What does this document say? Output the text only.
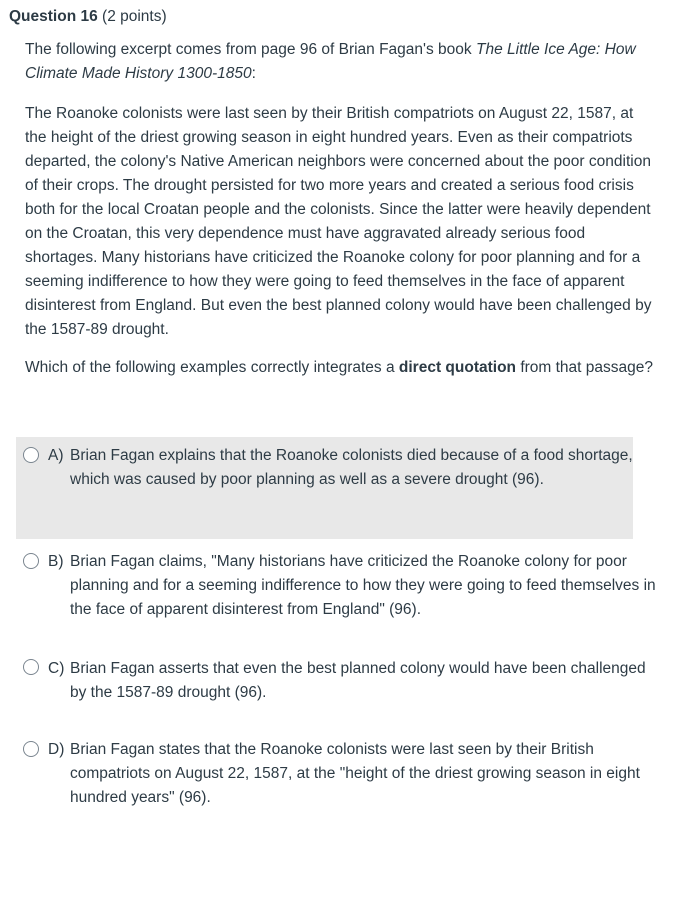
Question 16 (2 points)
The following excerpt comes from page 96 of Brian Fagan's book The Little Ice Age: How Climate Made History 1300-1850:
The Roanoke colonists were last seen by their British compatriots on August 22, 1587, at the height of the driest growing season in eight hundred years. Even as their compatriots departed, the colony's Native American neighbors were concerned about the poor condition of their crops. The drought persisted for two more years and created a serious food crisis both for the local Croatan people and the colonists. Since the latter were heavily dependent on the Croatan, this very dependence must have aggravated already serious food shortages. Many historians have criticized the Roanoke colony for poor planning and for a seeming indifference to how they were going to feed themselves in the face of apparent disinterest from England. But even the best planned colony would have been challenged by the 1587-89 drought.
Which of the following examples correctly integrates a direct quotation from that passage?
A) Brian Fagan explains that the Roanoke colonists died because of a food shortage, which was caused by poor planning as well as a severe drought (96).
B) Brian Fagan claims, "Many historians have criticized the Roanoke colony for poor planning and for a seeming indifference to how they were going to feed themselves in the face of apparent disinterest from England" (96).
C) Brian Fagan asserts that even the best planned colony would have been challenged by the 1587-89 drought (96).
D) Brian Fagan states that the Roanoke colonists were last seen by their British compatriots on August 22, 1587, at the "height of the driest growing season in eight hundred years" (96).
